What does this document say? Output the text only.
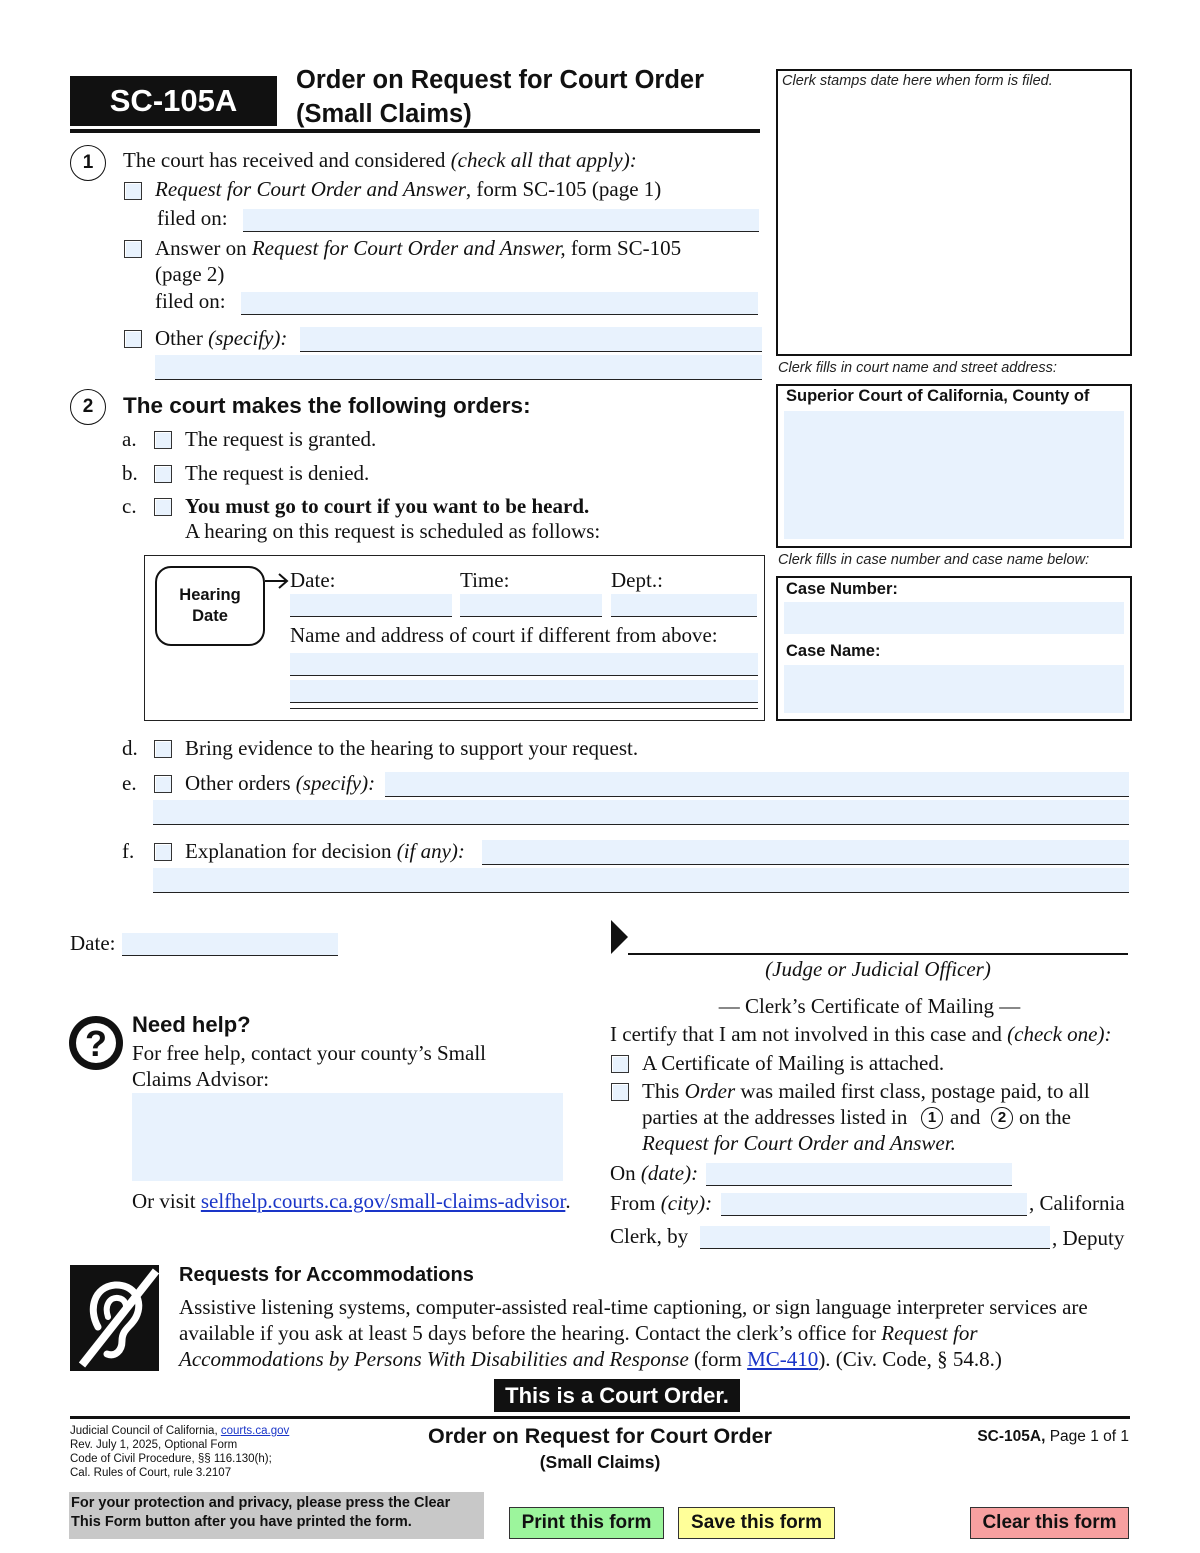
SC-105A
Order on Request for Court Order
(Small Claims)
Clerk stamps date here when form is filed.
Clerk fills in court name and street address:
Superior Court of California, County of
Clerk fills in case number and case name below:
Case Number:
Case Name:
1	The court has received and considered (check all that apply):
Request for Court Order and Answer, form SC-105 (page 1)
filed on:
Answer on Request for Court Order and Answer, form SC-105
(page 2)
filed on:
Other (specify):
2	The court makes the following orders:
a. The request is granted.
b. The request is denied.
c. You must go to court if you want to be heard.
A hearing on this request is scheduled as follows:
Hearing
Date
Date:	Time:	Dept.:
Name and address of court if different from above:
d. Bring evidence to the hearing to support your request.
e. Other orders (specify):
f. Explanation for decision (if any):
Date:
(Judge or Judicial Officer)
?	Need help?
For free help, contact your county’s Small Claims Advisor:
Or visit selfhelp.courts.ca.gov/small-claims-advisor.
— Clerk’s Certificate of Mailing —
I certify that I am not involved in this case and (check one):
A Certificate of Mailing is attached.
This Order was mailed first class, postage paid, to all
parties at the addresses listed in	1 and	2 on the
Request for Court Order and Answer.
On (date):
From (city):	, California
Clerk, by	, Deputy
Requests for Accommodations
Assistive listening systems, computer-assisted real-time captioning, or sign language interpreter services are
available if you ask at least 5 days before the hearing. Contact the clerk’s office for Request for
Accommodations by Persons With Disabilities and Response (form MC-410). (Civ. Code, § 54.8.)
This is a Court Order.
Judicial Council of California, courts.ca.gov
Rev. July 1, 2025, Optional Form
Code of Civil Procedure, §§ 116.130(h);
Cal. Rules of Court, rule 3.2107
Order on Request for Court Order
(Small Claims)
SC-105A, Page 1 of 1
For your protection and privacy, please press the Clear
This Form button after you have printed the form.	Print this form	Save this form	Clear this form
